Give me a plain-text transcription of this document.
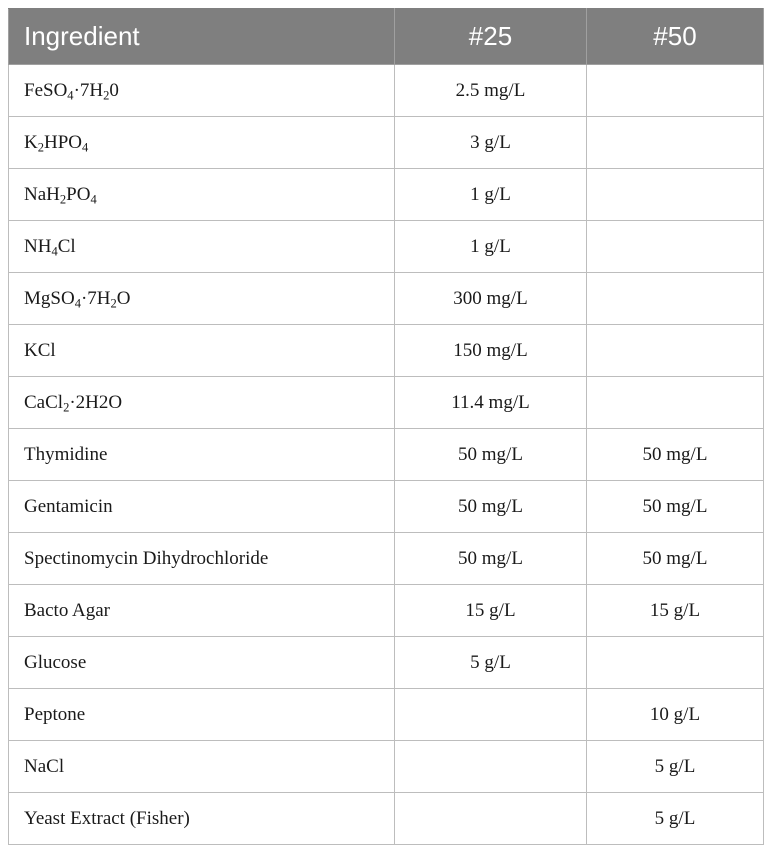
Ingredient	#25	#50
$FeSO_4\cdot 7H_20$	2.5 mg/L	
$K_2HPO_4$	3 g/L	
$NaH_2PO_4$	1 g/L	
$NH_4Cl$	1 g/L	
$MgSO_4\cdot 7H_2O$	300 mg/L	
KCl	150 mg/L	
CaCl$_2$·2H2O	11.4 mg/L	
Thymidine	50 mg/L	50 mg/L
Gentamicin	50 mg/L	50 mg/L
Spectinomycin Dihydrochloride	50 mg/L	50 mg/L
Bacto Agar	15 g/L	15 g/L
Glucose	5 g/L	
Peptone		10 g/L
NaCl		5 g/L
Yeast Extract (Fisher)		5 g/L
